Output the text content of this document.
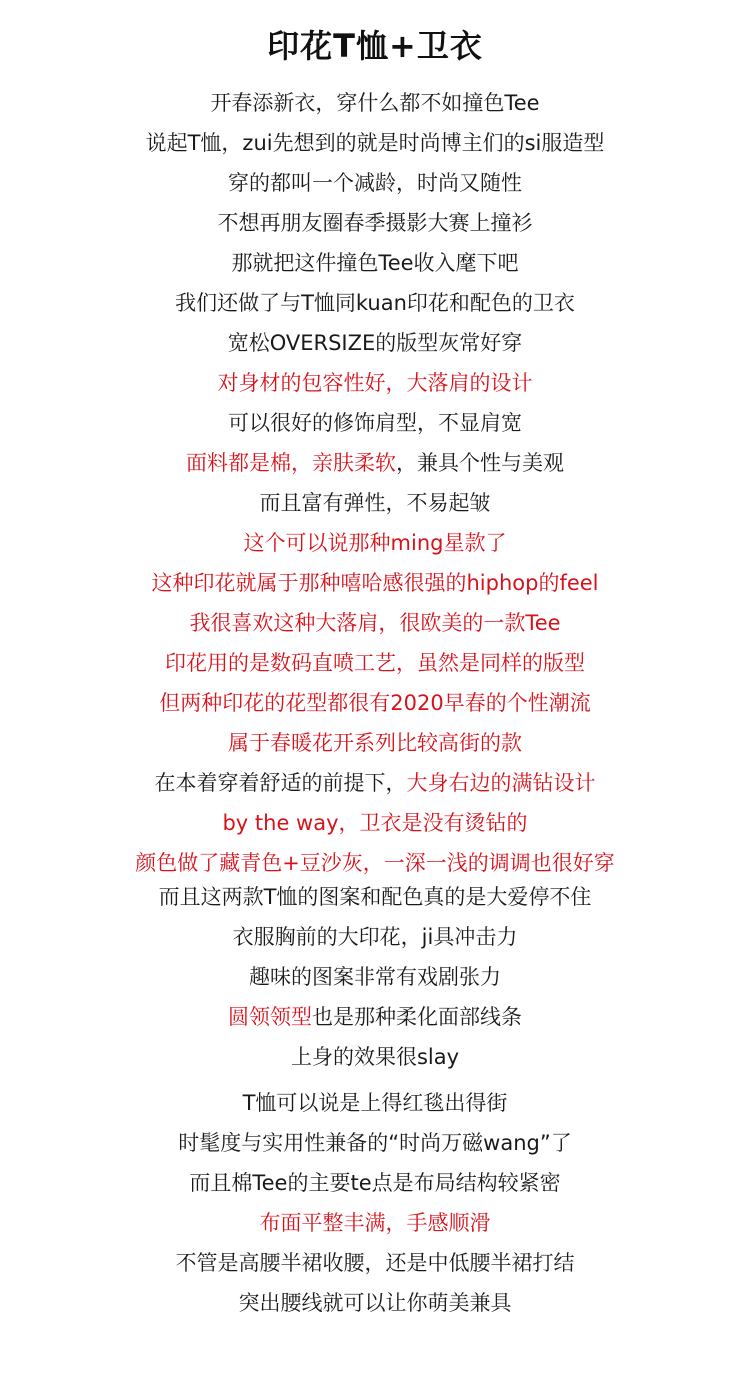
印花T恤+卫衣
开春添新衣，穿什么都不如撞色Tee
说起T恤，zui先想到的就是时尚博主们的si服造型
穿的都叫一个减龄，时尚又随性
不想再朋友圈春季摄影大赛上撞衫
那就把这件撞色Tee收入麾下吧
我们还做了与T恤同kuan印花和配色的卫衣
宽松OVERSIZE的版型灰常好穿
对身材的包容性好，大落肩的设计
可以很好的修饰肩型，不显肩宽
面料都是棉，亲肤柔软，兼具个性与美观
而且富有弹性，不易起皱
这个可以说那种ming星款了
这种印花就属于那种嘻哈感很强的hiphop的feel
我很喜欢这种大落肩，很欧美的一款Tee
印花用的是数码直喷工艺，虽然是同样的版型
但两种印花的花型都很有2020早春的个性潮流
属于春暖花开系列比较高街的款
在本着穿着舒适的前提下，大身右边的满钻设计
by the way，卫衣是没有烫钻的
颜色做了藏青色+豆沙灰，一深一浅的调调也很好穿
而且这两款T恤的图案和配色真的是大爱停不住
衣服胸前的大印花，ji具冲击力
趣味的图案非常有戏剧张力
圆领领型也是那种柔化面部线条
上身的效果很slay
T恤可以说是上得红毯出得街
时髦度与实用性兼备的“时尚万磁wang”了
而且棉Tee的主要te点是布局结构较紧密
布面平整丰满，手感顺滑
不管是高腰半裙收腰，还是中低腰半裙打结
突出腰线就可以让你萌美兼具
